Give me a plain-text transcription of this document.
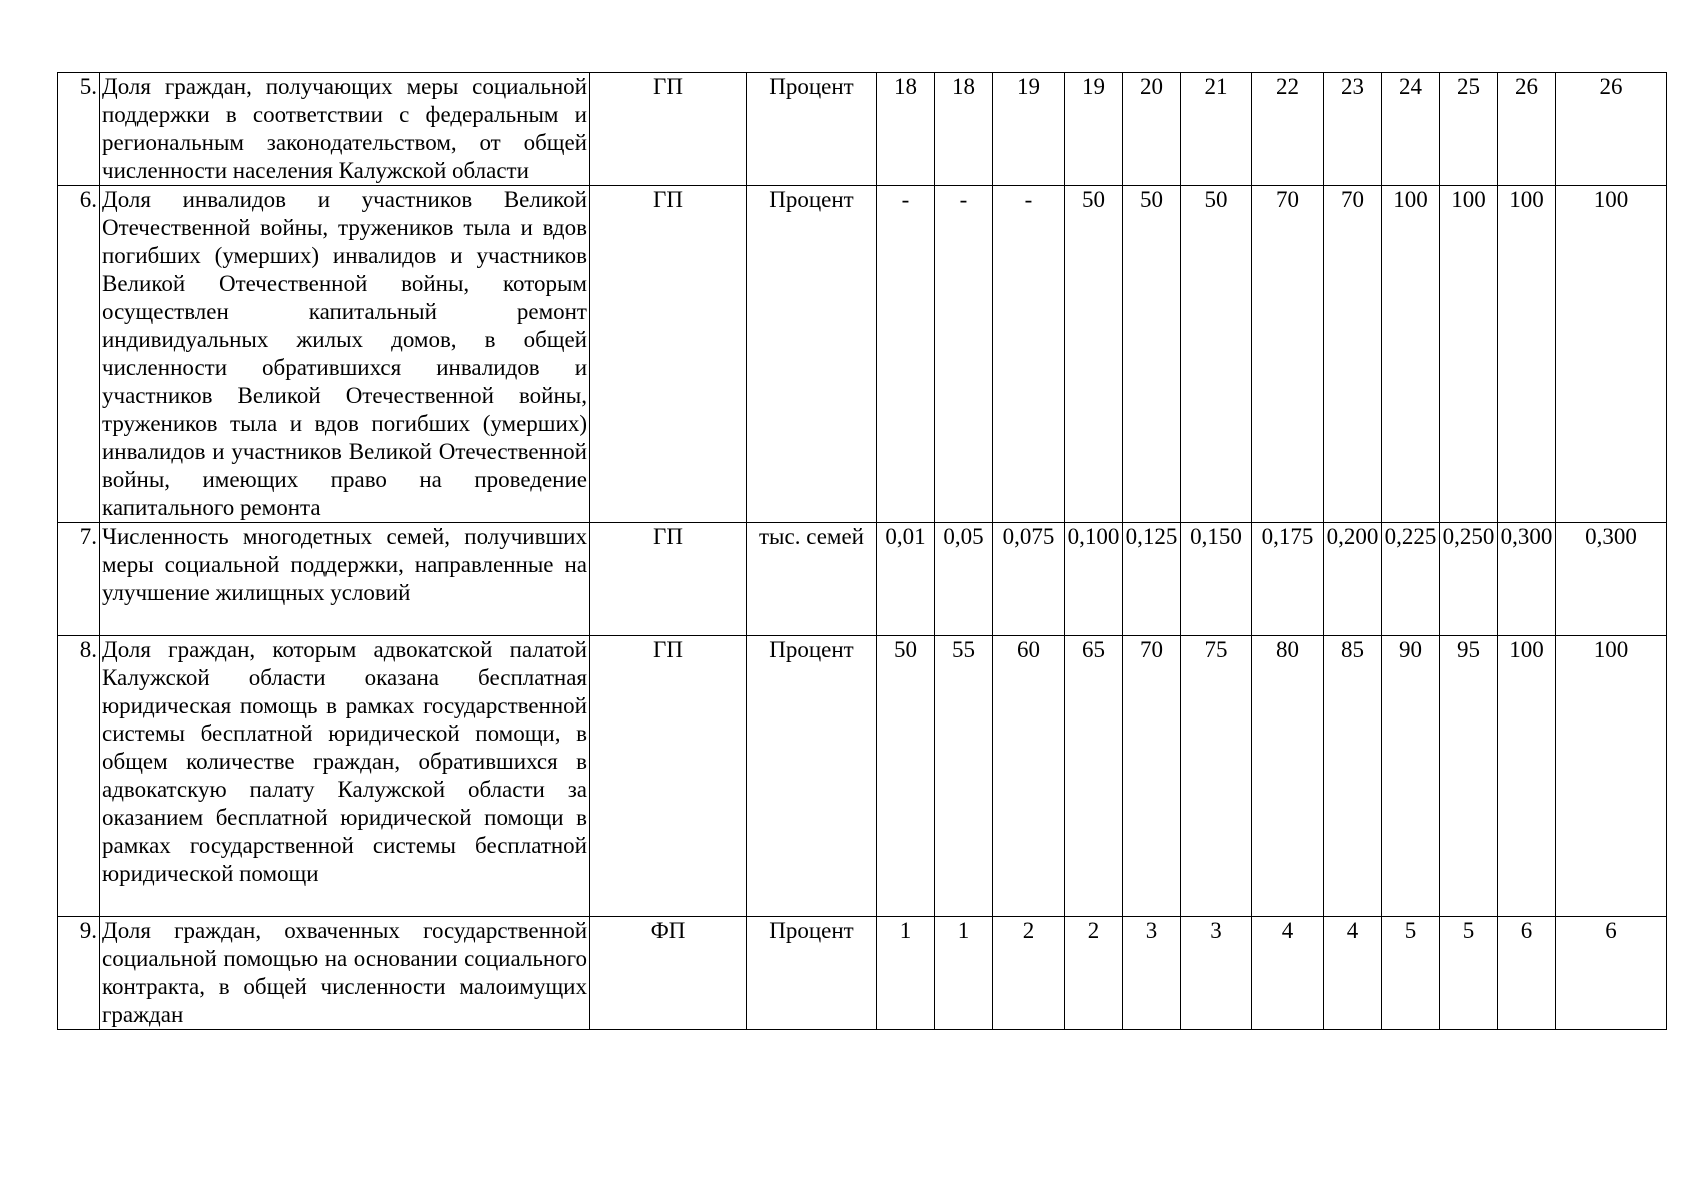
5.	Доля граждан, получающих меры социальной поддержки в соответствии с федеральным и региональным законодательством, от общей численности населения Калужской области	ГП	Процент	18	18	19	19	20	21	22	23	24	25	26	26
6.	Доля инвалидов и участников Великой Отечественной войны, тружеников тыла и вдов погибших (умерших) инвалидов и участников Великой Отечественной войны, которым осуществлен капитальный ремонт индивидуальных жилых домов, в общей численности обратившихся инвалидов и участников Великой Отечественной войны, тружеников тыла и вдов погибших (умерших) инвалидов и участников Великой Отечественной войны, имеющих право на проведение капитального ремонта	ГП	Процент	-	-	-	50	50	50	70	70	100	100	100	100
7.	Численность многодетных семей, получивших меры социальной поддержки, направленные на улучшение жилищных условий	ГП	тыс. семей	0,01	0,05	0,075	0,100	0,125	0,150	0,175	0,200	0,225	0,250	0,300	0,300
8.	Доля граждан, которым адвокатской палатой Калужской области оказана бесплатная юридическая помощь в рамках государственной системы бесплатной юридической помощи, в общем количестве граждан, обратившихся в адвокатскую палату Калужской области за оказанием бесплатной юридической помощи в рамках государственной системы бесплатной юридической помощи	ГП	Процент	50	55	60	65	70	75	80	85	90	95	100	100
9.	Доля граждан, охваченных государственной социальной помощью на основании социального контракта, в общей численности малоимущих граждан	ФП	Процент	1	1	2	2	3	3	4	4	5	5	6	6
